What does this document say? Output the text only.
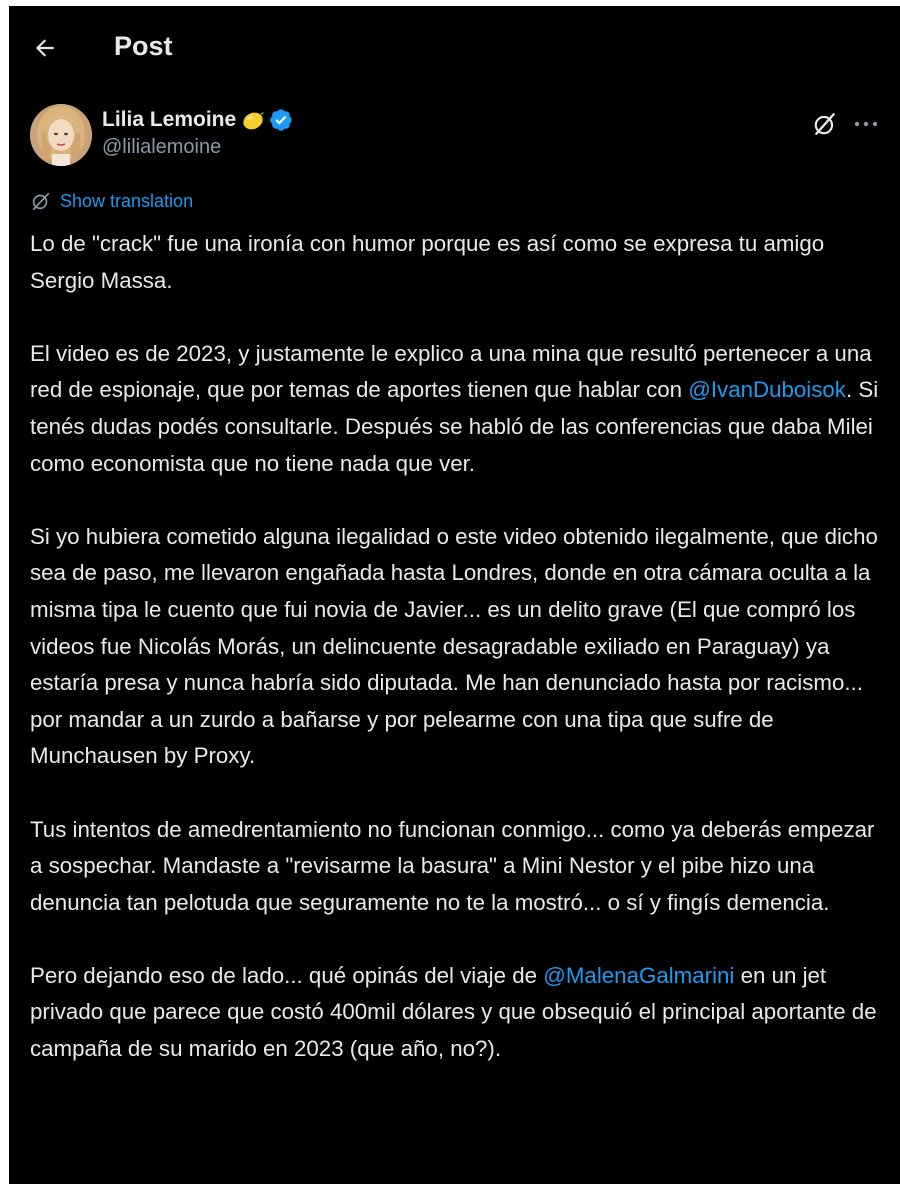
Post
Lilia Lemoine
@lilialemoine
Show translation

Lo de "crack" fue una ironía con humor porque es así como se expresa tu amigo Sergio Massa.

El video es de 2023, y justamente le explico a una mina que resultó pertenecer a una red de espionaje, que por temas de aportes tienen que hablar con @IvanDuboisok. Si tenés dudas podés consultarle. Después se habló de las conferencias que daba Milei como economista que no tiene nada que ver.

Si yo hubiera cometido alguna ilegalidad o este video obtenido ilegalmente, que dicho sea de paso, me llevaron engañada hasta Londres, donde en otra cámara oculta a la misma tipa le cuento que fui novia de Javier... es un delito grave (El que compró los videos fue Nicolás Morás, un delincuente desagradable exiliado en Paraguay) ya estaría presa y nunca habría sido diputada. Me han denunciado hasta por racismo... por mandar a un zurdo a bañarse y por pelearme con una tipa que sufre de Munchausen by Proxy.

Tus intentos de amedrentamiento no funcionan conmigo... como ya deberás empezar a sospechar. Mandaste a "revisarme la basura" a Mini Nestor y el pibe hizo una denuncia tan pelotuda que seguramente no te la mostró... o sí y fingís demencia.

Pero dejando eso de lado... qué opinás del viaje de @MalenaGalmarini en un jet privado que parece que costó 400mil dólares y que obsequió el principal aportante de campaña de su marido en 2023 (que año, no?).
